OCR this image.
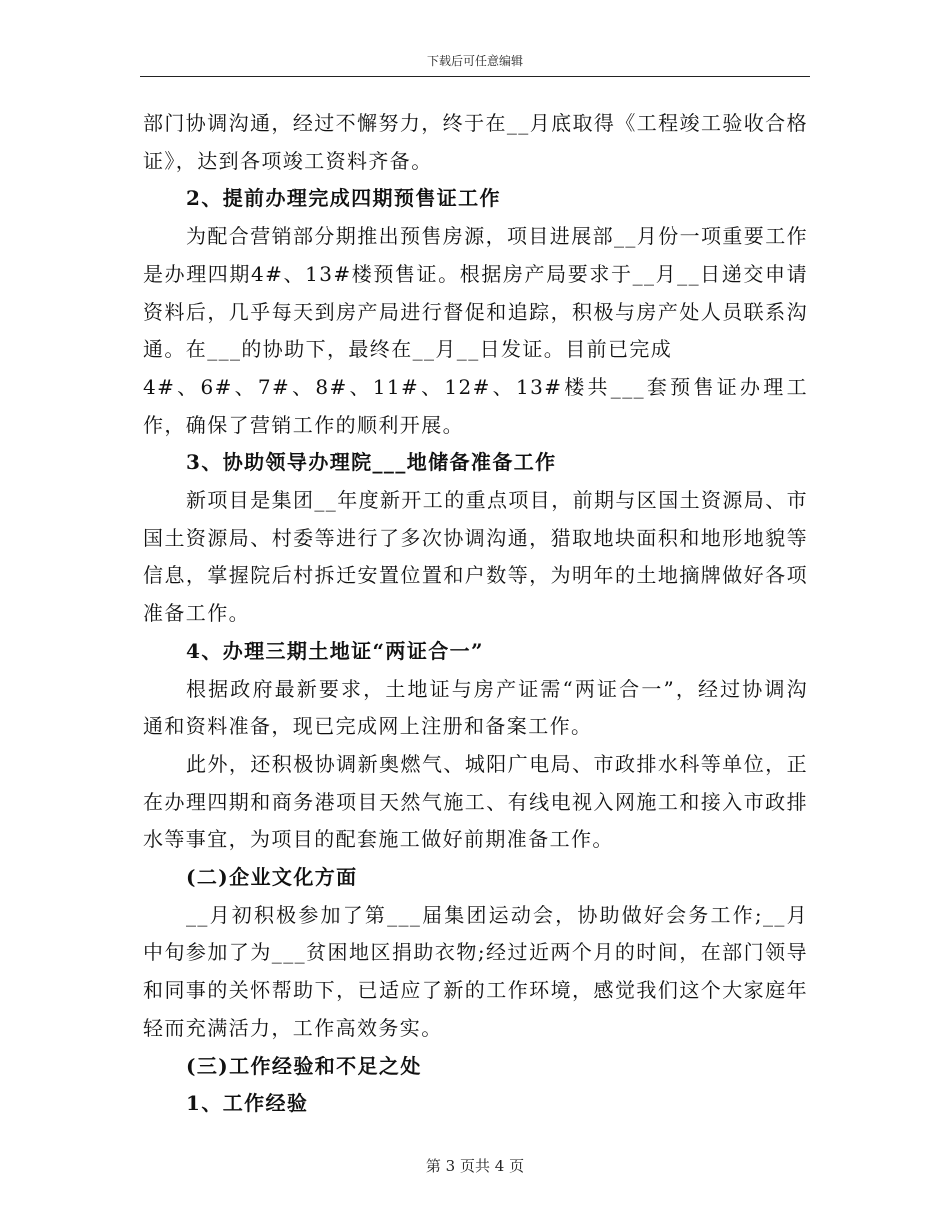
下载后可任意编辑

部门协调沟通，经过不懈努力，终于在__月底取得《工程竣工验收合格证》，达到各项竣工资料齐备。

2、提前办理完成四期预售证工作

为配合营销部分期推出预售房源，项目进展部__月份一项重要工作是办理四期4#、13#楼预售证。根据房产局要求于__月__日递交申请资料后，几乎每天到房产局进行督促和追踪，积极与房产处人员联系沟通。在___的协助下，最终在__月__日发证。目前已完成

4#、6#、7#、8#、11#、12#、13#楼共___套预售证办理工作，确保了营销工作的顺利开展。

3、协助领导办理院___地储备准备工作

新项目是集团__年度新开工的重点项目，前期与区国土资源局、市国土资源局、村委等进行了多次协调沟通，猎取地块面积和地形地貌等信息，掌握院后村拆迁安置位置和户数等，为明年的土地摘牌做好各项准备工作。

4、办理三期土地证“两证合一”

根据政府最新要求，土地证与房产证需“两证合一”，经过协调沟通和资料准备，现已完成网上注册和备案工作。

此外，还积极协调新奥燃气、城阳广电局、市政排水科等单位，正在办理四期和商务港项目天然气施工、有线电视入网施工和接入市政排水等事宜，为项目的配套施工做好前期准备工作。

(二)企业文化方面

__月初积极参加了第___届集团运动会，协助做好会务工作;__月中旬参加了为___贫困地区捐助衣物;经过近两个月的时间，在部门领导和同事的关怀帮助下，已适应了新的工作环境，感觉我们这个大家庭年轻而充满活力，工作高效务实。

(三)工作经验和不足之处

1、工作经验

第 3 页共 4 页
